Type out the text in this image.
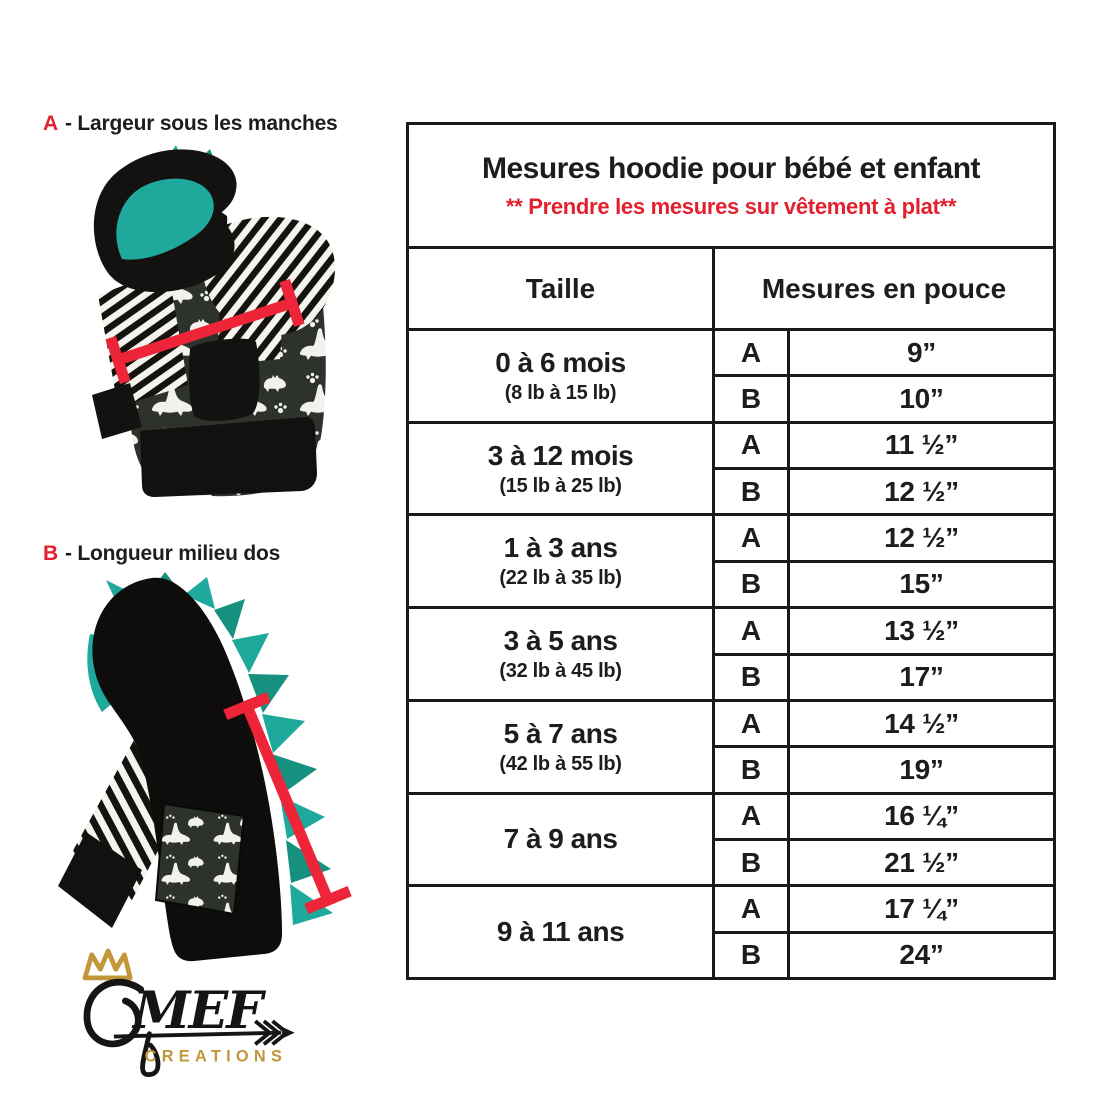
A - Largeur sous les manches
B - Longueur milieu dos
MEF
CREATIONS
Mesures hoodie pour bébé et enfant
** Prendre les mesures sur vêtement à plat**
Taille	Mesures en pouce
0 à 6 mois
(8 lb à 15 lb)
A	9”
B	10”
3 à 12 mois
(15 lb à 25 lb)
A	11 ½”
B	12 ½”
1 à 3 ans
(22 lb à 35 lb)
A	12 ½”
B	15”
3 à 5 ans
(32 lb à 45 lb)
A	13 ½”
B	17”
5 à 7 ans
(42 lb à 55 lb)
A	14 ½”
B	19”
7 à 9 ans
A	16 ¼”
B	21 ½”
9 à 11 ans
A	17 ¼”
B	24”
